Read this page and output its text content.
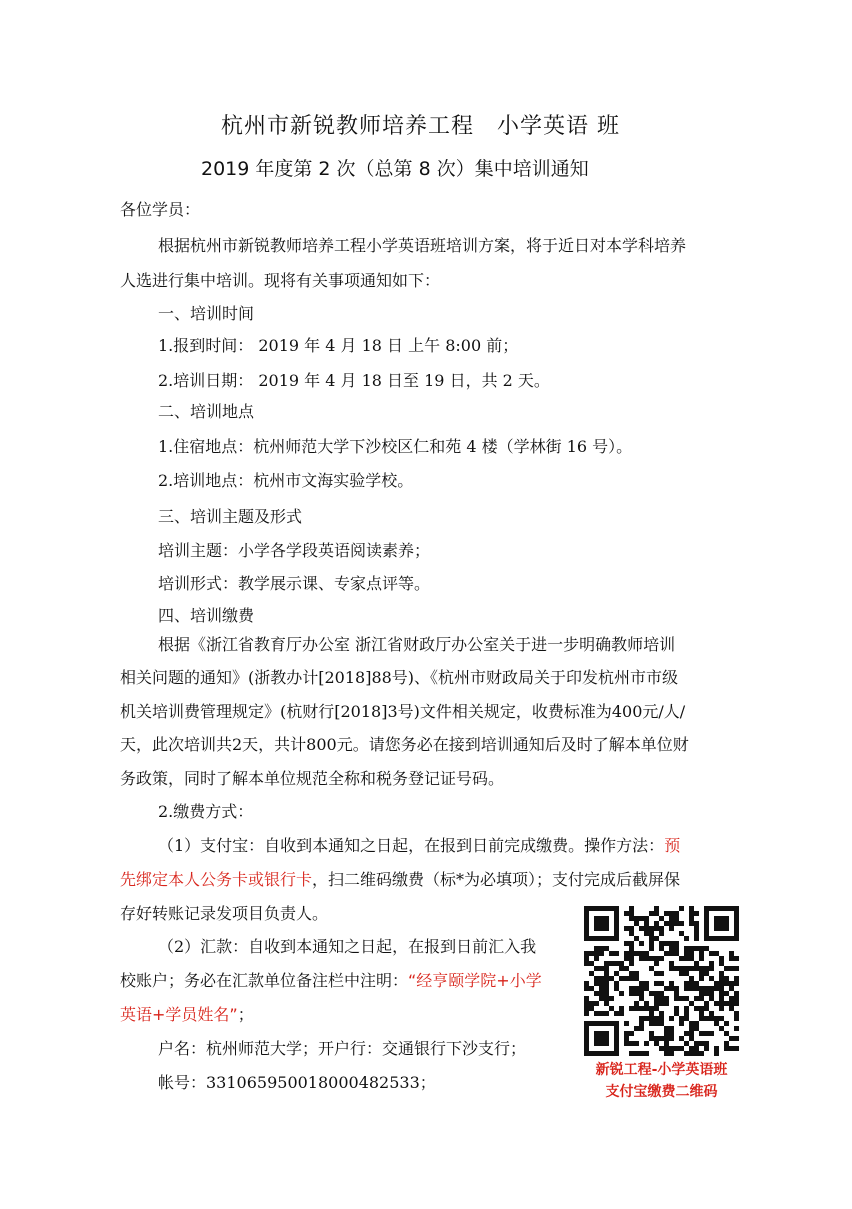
杭州市新锐教师培养工程　小学英语 班
2019 年度第 2 次（总第 8 次）集中培训通知
各位学员：
根据杭州市新锐教师培养工程小学英语班培训方案，将于近日对本学科培养
人选进行集中培训。现将有关事项通知如下：
一、培训时间
1.报到时间： 2019 年 4 月 18 日 上午 8:00 前；
2.培训日期： 2019 年 4 月 18 日至 19 日，共 2 天。
二、培训地点
1.住宿地点：杭州师范大学下沙校区仁和苑 4 楼（学林街 16 号）。
2.培训地点：杭州市文海实验学校。
三、培训主题及形式
培训主题：小学各学段英语阅读素养；
培训形式：教学展示课、专家点评等。
四、培训缴费
根据《浙江省教育厅办公室 浙江省财政厅办公室关于进一步明确教师培训
相关问题的通知》(浙教办计[2018]88号)、《杭州市财政局关于印发杭州市市级
机关培训费管理规定》(杭财行[2018]3号)文件相关规定，收费标准为400元/人/
天，此次培训共2天，共计800元。请您务必在接到培训通知后及时了解本单位财
务政策，同时了解本单位规范全称和税务登记证号码。
2.缴费方式：
（1）支付宝：自收到本通知之日起，在报到日前完成缴费。操作方法：预
先绑定本人公务卡或银行卡，扫二维码缴费（标*为必填项）；支付完成后截屏保
存好转账记录发项目负责人。
（2）汇款：自收到本通知之日起，在报到日前汇入我
校账户；务必在汇款单位备注栏中注明：“经亨颐学院+小学
英语+学员姓名”；
户名：杭州师范大学；开户行：交通银行下沙支行；
帐号：331065950018000482533；
新锐工程-小学英语班
支付宝缴费二维码
